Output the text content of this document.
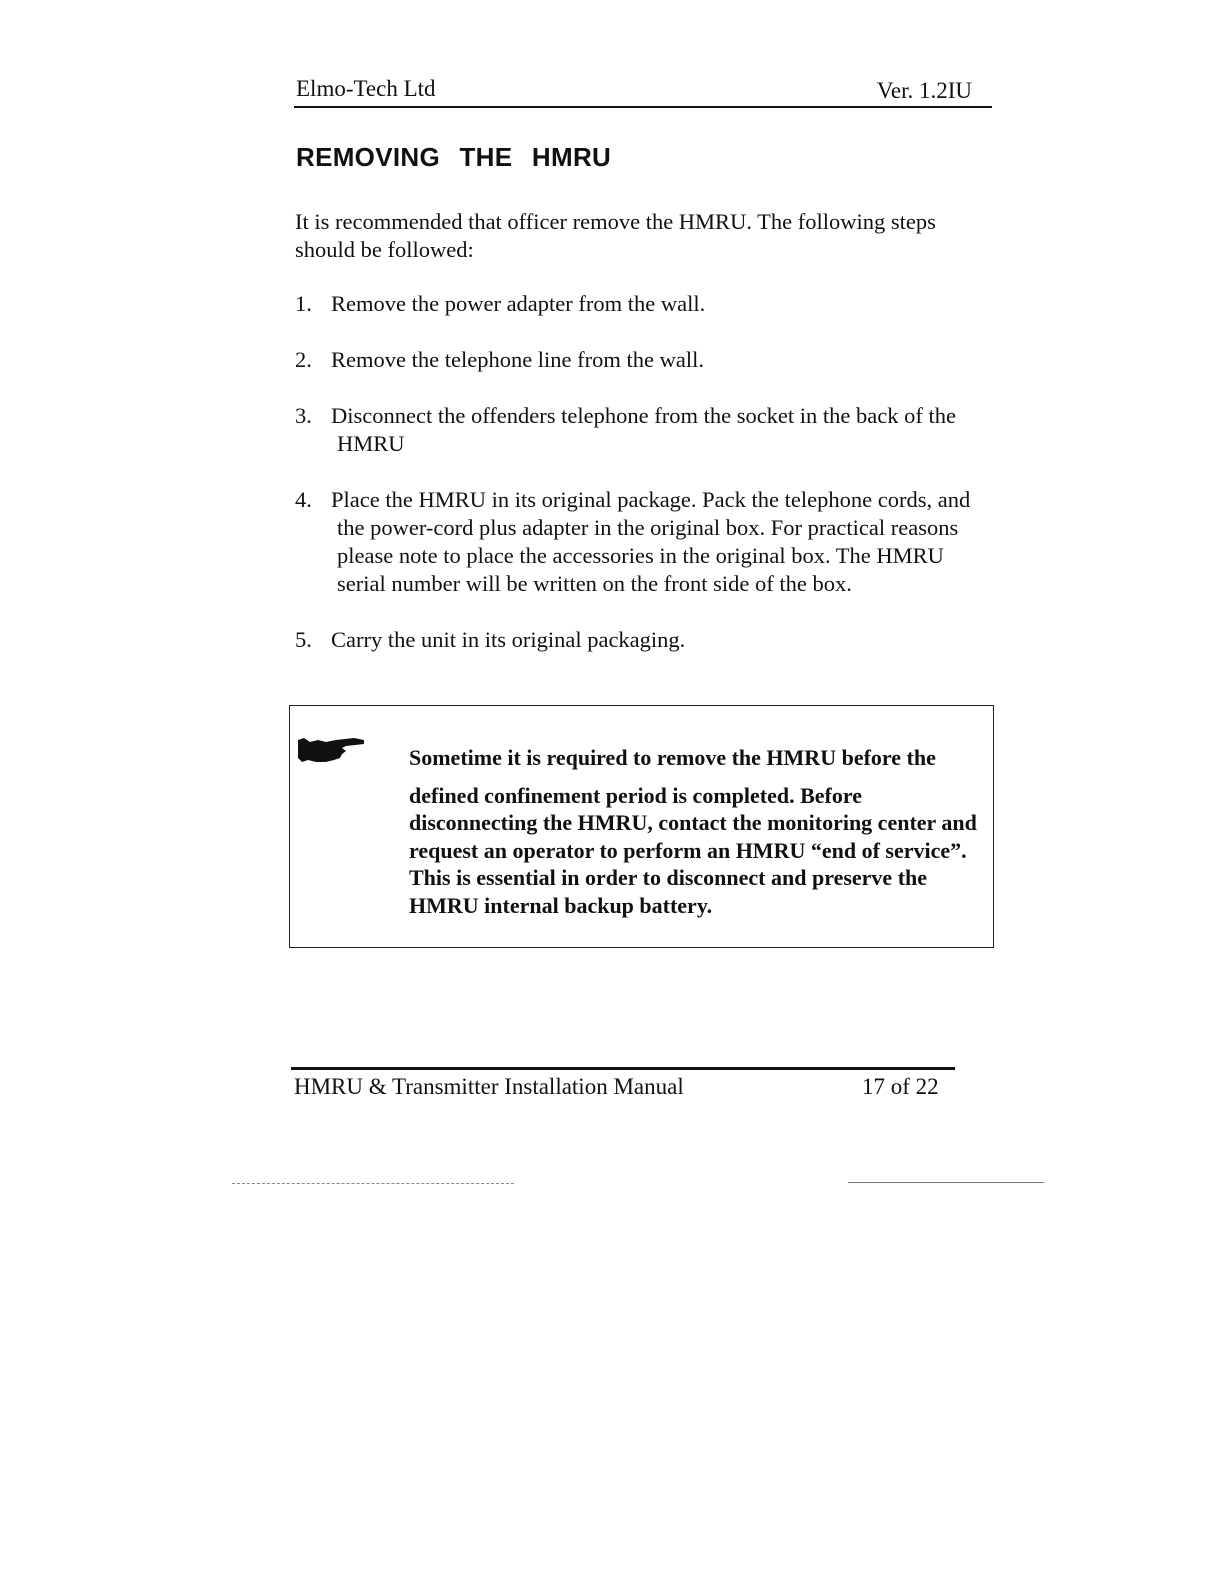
Elmo-Tech Ltd	Ver. 1.2IU
REMOVING THE HMRU
It is recommended that officer remove the HMRU. The following steps should be followed:
1. Remove the power adapter from the wall.
2. Remove the telephone line from the wall.
3. Disconnect the offenders telephone from the socket in the back of the HMRU
4. Place the HMRU in its original package. Pack the telephone cords, and the power-cord plus adapter in the original box. For practical reasons please note to place the accessories in the original box. The HMRU serial number will be written on the front side of the box.
5. Carry the unit in its original packaging.
Sometime it is required to remove the HMRU before the
defined confinement period is completed. Before disconnecting the HMRU, contact the monitoring center and request an operator to perform an HMRU “end of service”. This is essential in order to disconnect and preserve the HMRU internal backup battery.
HMRU & Transmitter Installation Manual	17 of 22
